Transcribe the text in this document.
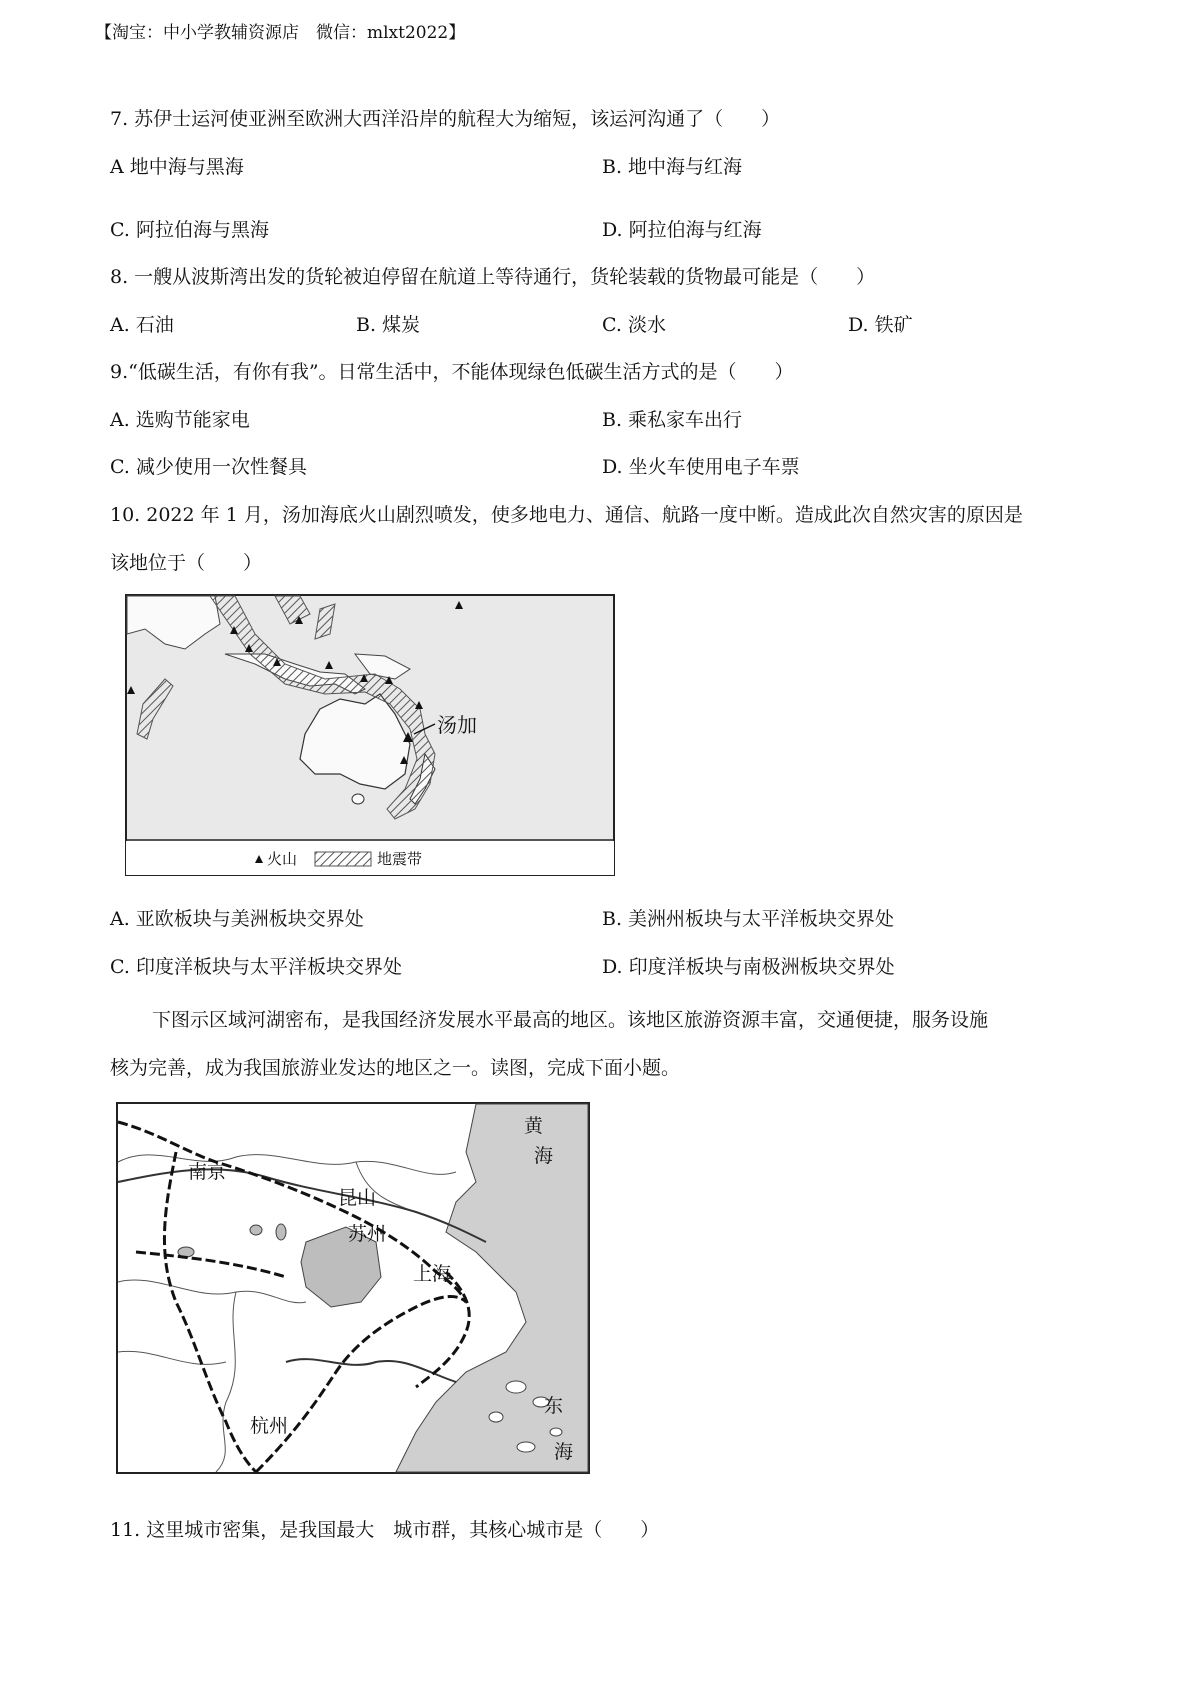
【淘宝：中小学教辅资源店　微信：mlxt2022】
7. 苏伊士运河使亚洲至欧洲大西洋沿岸的航程大为缩短，该运河沟通了（　　）
A 地中海与黑海	B. 地中海与红海
C. 阿拉伯海与黑海	D. 阿拉伯海与红海
8. 一艘从波斯湾出发的货轮被迫停留在航道上等待通行，货轮装载的货物最可能是（　　）
A. 石油	B. 煤炭	C. 淡水	D. 铁矿
9.“低碳生活，有你有我”。日常生活中，不能体现绿色低碳生活方式的是（　　）
A. 选购节能家电	B. 乘私家车出行
C. 减少使用一次性餐具	D. 坐火车使用电子车票
10. 2022 年 1 月，汤加海底火山剧烈喷发，使多地电力、通信、航路一度中断。造成此次自然灾害的原因是
该地位于（　　）
汤加
火山	地震带
A. 亚欧板块与美洲板块交界处	B. 美洲州板块与太平洋板块交界处
C. 印度洋板块与太平洋板块交界处	D. 印度洋板块与南极洲板块交界处
下图示区域河湖密布，是我国经济发展水平最高的地区。该地区旅游资源丰富，交通便捷，服务设施
核为完善，成为我国旅游业发达的地区之一。读图，完成下面小题。
南京
昆山
苏州
上海
杭州
黄
海
东
海
11. 这里城市密集，是我国最大　城市群，其核心城市是（　　）
